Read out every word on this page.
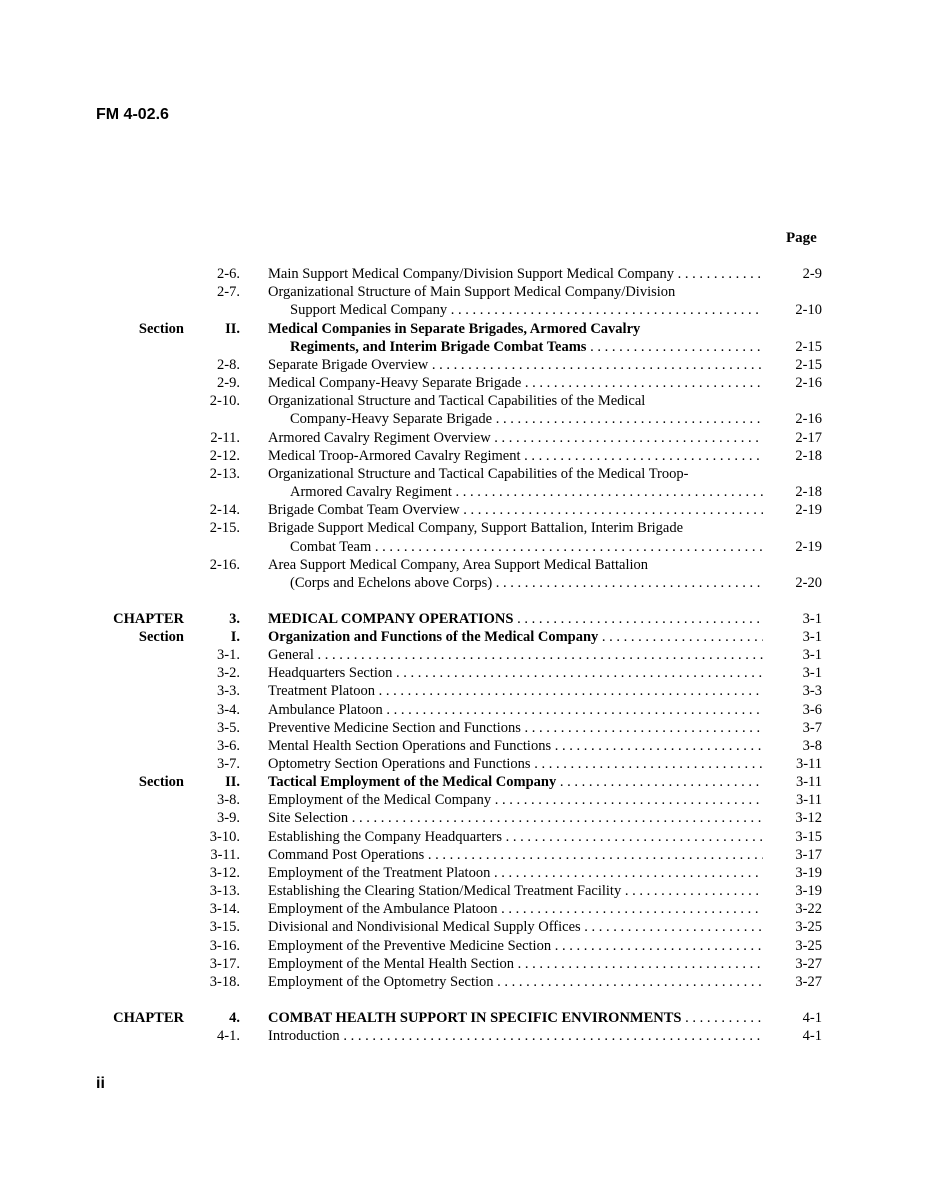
FM 4-02.6
Page
2-6. Main Support Medical Company/Division Support Medical Company . . .	2-9
2-7. Organizational Structure of Main Support Medical Company/Division
Support Medical Company . . .	2-10
Section	II. Medical Companies in Separate Brigades, Armored Cavalry
Regiments, and Interim Brigade Combat Teams . . .	2-15
2-8. Separate Brigade Overview . . .	2-15
2-9. Medical Company-Heavy Separate Brigade . . .	2-16
2-10. Organizational Structure and Tactical Capabilities of the Medical
Company-Heavy Separate Brigade . . .	2-16
2-11. Armored Cavalry Regiment Overview . . .	2-17
2-12. Medical Troop-Armored Cavalry Regiment . . .	2-18
2-13. Organizational Structure and Tactical Capabilities of the Medical Troop-
Armored Cavalry Regiment . . .	2-18
2-14. Brigade Combat Team Overview . . .	2-19
2-15. Brigade Support Medical Company, Support Battalion, Interim Brigade
Combat Team . . .	2-19
2-16. Area Support Medical Company, Area Support Medical Battalion
(Corps and Echelons above Corps) . . .	2-20
CHAPTER	3. MEDICAL COMPANY OPERATIONS . . .	3-1
Section	I. Organization and Functions of the Medical Company . . .	3-1
3-1. General . . .	3-1
3-2. Headquarters Section . . .	3-1
3-3. Treatment Platoon . . .	3-3
3-4. Ambulance Platoon . . .	3-6
3-5. Preventive Medicine Section and Functions . . .	3-7
3-6. Mental Health Section Operations and Functions . . .	3-8
3-7. Optometry Section Operations and Functions . . .	3-11
Section	II. Tactical Employment of the Medical Company . . .	3-11
3-8. Employment of the Medical Company . . .	3-11
3-9. Site Selection . . .	3-12
3-10. Establishing the Company Headquarters . . .	3-15
3-11. Command Post Operations . . .	3-17
3-12. Employment of the Treatment Platoon . . .	3-19
3-13. Establishing the Clearing Station/Medical Treatment Facility . . .	3-19
3-14. Employment of the Ambulance Platoon . . .	3-22
3-15. Divisional and Nondivisional Medical Supply Offices . . .	3-25
3-16. Employment of the Preventive Medicine Section . . .	3-25
3-17. Employment of the Mental Health Section . . .	3-27
3-18. Employment of the Optometry Section . . .	3-27
CHAPTER	4. COMBAT HEALTH SUPPORT IN SPECIFIC ENVIRONMENTS . . .	4-1
4-1. Introduction . . .	4-1
ii
